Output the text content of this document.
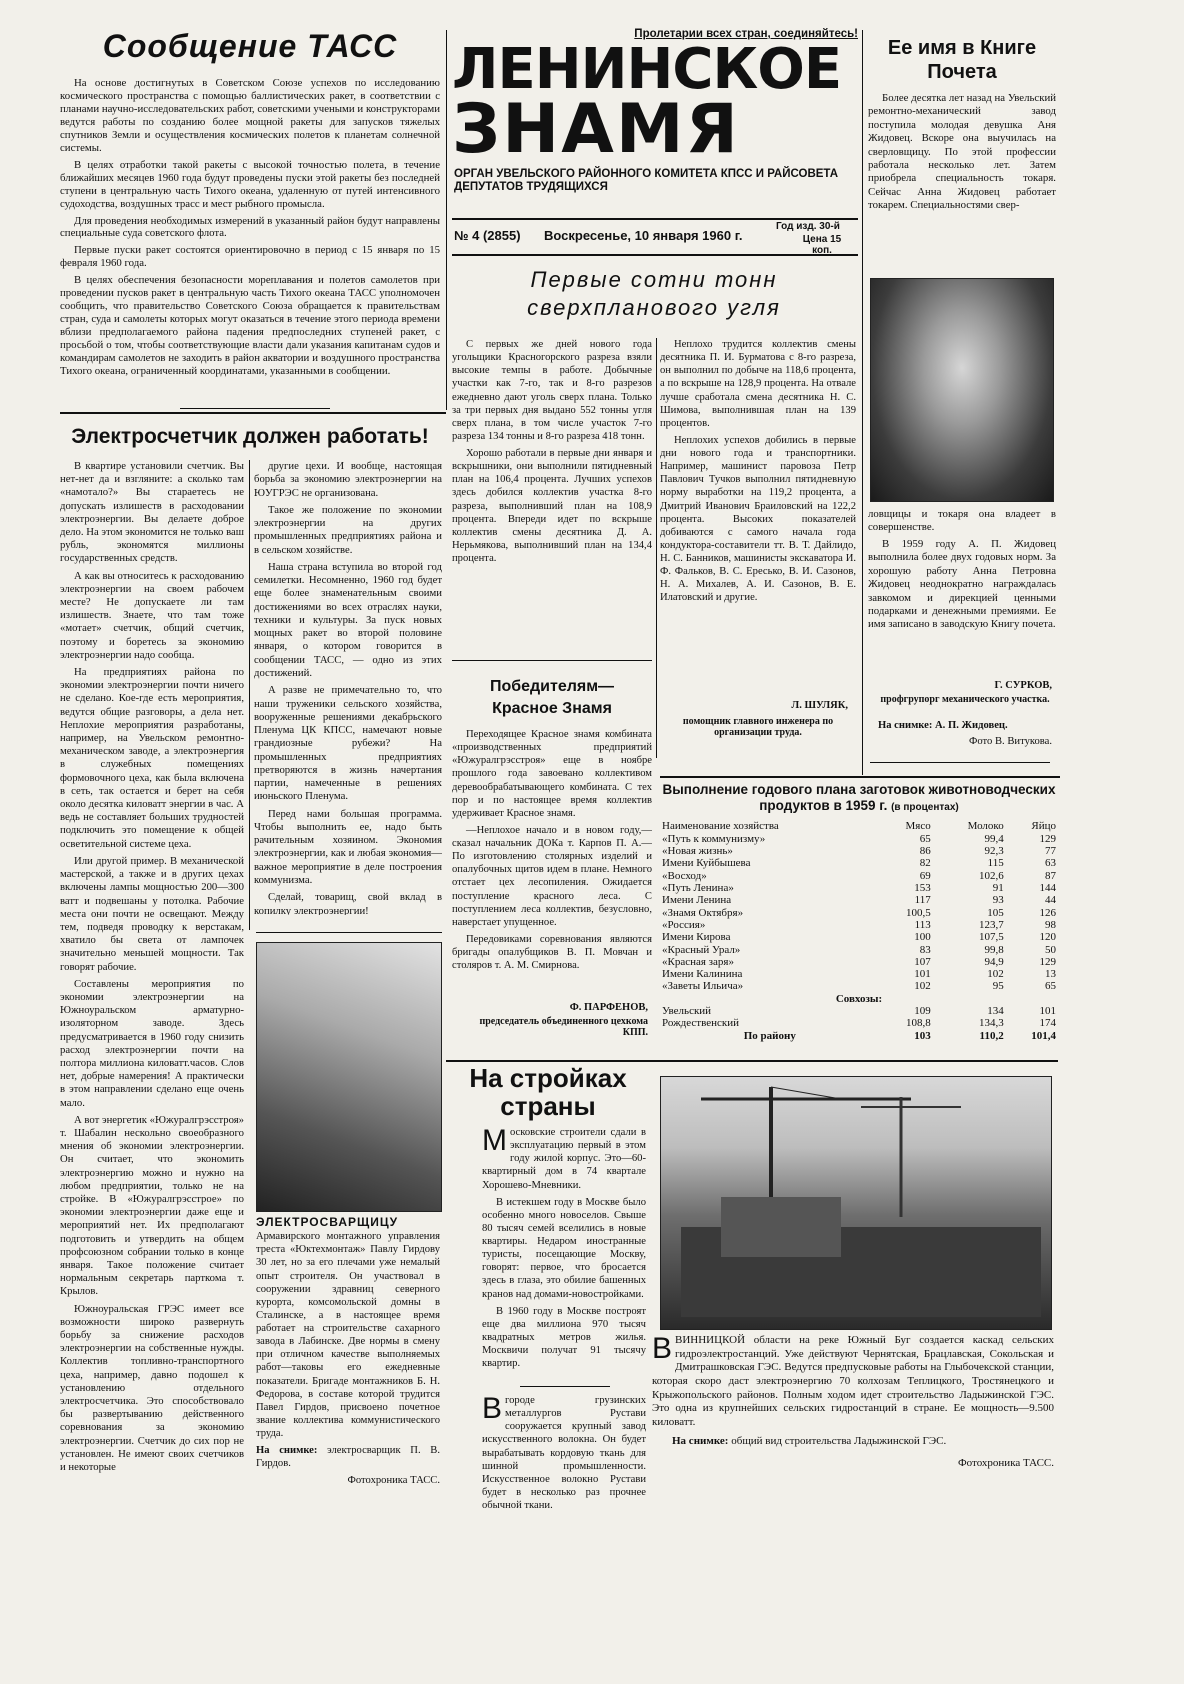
Сообщение ТАСС

На основе достигнутых в Советском Союзе успехов по исследованию космического пространства с помощью баллистических ракет, в соответствии с планами научно-исследовательских работ, советскими учеными и конструкторами ведутся работы по созданию более мощной ракеты для запусков тяжелых спутников Земли и осуществления космических полетов к планетам солнечной системы.

В целях отработки такой ракеты с высокой точностью полета, в течение ближайших месяцев 1960 года будут проведены пуски этой ракеты без последней ступени в центральную часть Тихого океана, удаленную от путей интенсивного судоходства, воздушных трасс и мест рыбного промысла.

Для проведения необходимых измерений в указанный район будут направлены специальные суда советского флота.

Первые пуски ракет состоятся ориентировочно в период с 15 января по 15 февраля 1960 года.

В целях обеспечения безопасности мореплавания и полетов самолетов при проведении пусков ракет в центральную часть Тихого океана ТАСС уполномочен сообщить, что правительство Советского Союза обращается к правительствам стран, суда и самолеты которых могут оказаться в течение этого периода времени вблизи предполагаемого района падения предпоследних ступеней ракет, с просьбой о том, чтобы соответствующие власти дали указания капитанам судов и командирам самолетов не заходить в район акватории и воздушного пространства Тихого океана, ограниченный координатами, указанными в сообщении.

Пролетарии всех стран, соединяйтесь!
ЛЕНИНСКОЕ
ЗНАМЯ
ОРГАН УВЕЛЬСКОГО РАЙОННОГО КОМИТЕТА КПСС И РАЙСОВЕТА ДЕПУТАТОВ ТРУДЯЩИХСЯ
№ 4 (2855) Воскресенье, 10 января 1960 г.
Год изд. 30-й
Цена 15 коп.
Ее имя в Книге Почета
Более десятка лет назад на Увельский ремонтно-механический завод поступила молодая девушка Аня Жидовец. Вскоре она выучилась на сверловщицу. По этой профессии работала несколько лет. Затем приобрела специальность токаря. Сейчас Анна Жидовец работает токарем. Специальностями свер-
ловщицы и токаря она владеет в совершенстве.
В 1959 году А. П. Жидовец выполнила более двух годовых норм. За хорошую работу Анна Петровна Жидовец неоднократно награждалась завкомом и дирекцией ценными подарками и денежными премиями. Ее имя записано в заводскую Книгу почета.
Г. СУРКОВ,
профгрупорг механического участка.
На снимке: А. П. Жидовец.
Фото В. Витукова.
Первые сотни тонн
сверхпланового угля

С первых же дней нового года угольщики Красногорского разреза взяли высокие темпы в работе. Добычные участки как 7-го, так и 8-го разрезов ежедневно дают уголь сверх плана. Только за три первых дня выдано 552 тонны угля сверх плана, в том числе участок 7-го разреза 134 тонны и 8-го разреза 418 тонн.

Хорошо работали в первые дни января и вскрышники, они выполнили пятидневный план на 106,4 процента. Лучших успехов здесь добился коллектив участка 8-го разреза, выполнивший план на 108,9 процента. Впереди идет по вскрыше коллектив смены десятника Д. А. Нерьмякова, выполнивший план на 134,4 процента.

Неплохо трудится коллектив смены десятника П. И. Бурматова с 8-го разреза, он выполнил по добыче на 118,6 процента, а по вскрыше на 128,9 процента. На отвале лучше сработала смена десятника Н. С. Шимова, выполнившая план на 139 процентов.

Неплохих успехов добились в первые дни нового года и транспортники. Например, машинист паровоза Петр Павлович Тучков выполнил пятидневную норму выработки на 119,2 процента, а Дмитрий Иванович Браиловский на 122,2 процента. Высоких показателей добиваются с самого начала года кондуктора-составители тт. В. Т. Дайлидо, Н. С. Банников, машинисты экскаватора И. Ф. Фальков, В. С. Ересько, В. И. Сазонов, Н. А. Михалев, А. И. Сазонов, В. Е. Илатовский и другие.

Л. ШУЛЯК,
помощник главного инженера по организации труда.
Электросчетчик должен работать!

В квартире установили счетчик. Вы нет-нет да и взгляните: а сколько там «намотало?» Вы стараетесь не допускать излишеств в расходовании электроэнергии. Вы делаете доброе дело. На этом экономится не только ваш рубль, экономятся миллионы государственных средств.

А как вы относитесь к расходованию электроэнергии на своем рабочем месте? Не допускаете ли там излишеств. Знаете, что там тоже «мотает» счетчик, общий счетчик, поэтому и боретесь за экономию электроэнергии надо сообща.

На предприятиях района по экономии электроэнергии почти ничего не сделано. Кое-где есть мероприятия, ведутся общие разговоры, а дела нет. Неплохие мероприятия разработаны, например, на Увельском ремонтно-механическом заводе, а электроэнергия в служебных помещениях формовочного цеха, как была включена в сеть, так остается и берет на себя около десятка киловатт энергии в час. А ведь не составляет больших трудностей подключить это помещение к общей осветительной системе цеха.

Или другой пример. В механической мастерской, а также и в других цехах включены лампы мощностью 200—300 ватт и подвешаны у потолка. Рабочие места они почти не освещают. Между тем, подведя проводку к верстакам, хватило бы света от лампочек значительно меньшей мощности. Так говорят рабочие.

Составлены мероприятия по экономии электроэнергии на Южноуральском арматурно-изоляторном заводе. Здесь предусматривается в 1960 году снизить расход электроэнергии почти на полтора миллиона киловатт.часов. Слов нет, добрые намерения! А практически в этом направлении сделано еще очень мало.

А вот энергетик «Южуралгрэсстроя» т. Шабалин нескольно своеобразного мнения об экономии электроэнергии. Он считает, что экономить электроэнергию можно и нужно на любом предприятии, только не на стройке. В «Южуралгрэсстрое» по экономии электроэнергии даже еще и мероприятий нет. Их предполагают подготовить и утвердить на общем профсоюзном собрании только в конце января. Такое положение считает нормальным секретарь парткома т. Крылов.

Южноуральская ГРЭС имеет все возможности широко развернуть борьбу за снижение расходов электроэнергии на собственные нужды. Коллектив топливно-транспортного цеха, например, давно подошел к установлению отдельного электросчетчика. Это способствовало бы развертыванию действенного соревнования за экономию электроэнергии. Счетчик до сих пор не установлен. Не имеют своих счетчиков и некоторые

другие цехи. И вообще, настоящая борьба за экономию электроэнергии на ЮУГРЭС не организована.

Такое же положение по экономии электроэнергии на других промышленных предприятиях района и в сельском хозяйстве.

Наша страна вступила во второй год семилетки. Несомненно, 1960 год будет еще более знаменательным своими достижениями во всех отраслях науки, техники и культуры. За пуск новых мощных ракет во второй половине января, о котором говорится в сообщении ТАСС, — одно из этих достижений.

А разве не примечательно то, что наши труженики сельского хозяйства, вооруженные решениями декабрьского Пленума ЦК КПСС, намечают новые грандиозные рубежи? На промышленных предприятиях претворяются в жизнь начертания партии, намеченные в решениях июньского Пленума.

Перед нами большая программа. Чтобы выполнить ее, надо быть рачительным хозяином. Экономия электроэнергии, как и любая экономия—важное мероприятие в деле построения коммунизма.

Сделай, товарищ, свой вклад в копилку электроэнергии!

ЭЛЕКТРОСВАРЩИЦУ Армавирского монтажного управления треста «Юктехмонтаж» Павлу Гирдову 30 лет, но за его плечами уже немалый опыт строителя. Он участвовал в сооружении здравниц северного курорта, комсомольской домны в Сталинске, а в настоящее время работает на строительстве сахарного завода в Лабинске. Две нормы в смену при отличном качестве выполняемых работ—таковы его ежедневные показатели. Бригаде монтажников Б. Н. Федорова, в составе которой трудится Павел Гирдов, присвоено почетное звание коллектива коммунистического труда.
На снимке: электросварщик П. В. Гирдов.
Фотохроника ТАСС.
Победителям— Красное Знамя

Переходящее Красное знамя комбината «производственных предприятий «Южуралгрэсстроя» еще в ноябре прошлого года завоевано коллективом деревообрабатывающего комбината. С тех пор и по настоящее время коллектив удерживает Красное знамя.

—Неплохое начало и в новом году,—сказал начальник ДОКа т. Карпов П. А.— По изготовлению столярных изделий и опалубочных щитов идем в плане. Немного отстает цех лесопиления. Ожидается поступление красного леса. С поступлением леса коллектив, безусловно, наверстает упущенное.

Передовиками соревнования являются бригады опалубщиков В. П. Мовчан и столяров т. А. М. Смирнова.

Ф. ПАРФЕНОВ,
председатель объединенного цехкома КПП.
Выполнение годового плана заготовок животноводческих продуктов в 1959 г. (в процентах)
Наименование хозяйства	Мясо	Молоко	Яйцо
«Путь к коммунизму»	65	99,4	129
«Новая жизнь»	86	92,3	77
Имени Куйбышева	82	115	63
«Восход»	69	102,6	87
«Путь Ленина»	153	91	144
Имени Ленина	117	93	44
«Знамя Октября»	100,5	105	126
«Россия»	113	123,7	98
Имени Кирова	100	107,5	120
«Красный Урал»	83	99,8	50
«Красная заря»	107	94,9	129
Имени Калинина	101	102	13
«Заветы Ильича»	102	95	65
Совхозы:			
Увельский	109	134	101
Рождественский	108,8	134,3	174
По району	103	110,2	101,4
На стройках
страны

Московские строители сдали в эксплуатацию первый в этом году жилой корпус. Это—60-квартирный дом в 74 квартале Хорошево-Мневники.

В истекшем году в Москве было особенно много новоселов. Свыше 80 тысяч семей вселились в новые квартиры. Недаром иностранные туристы, посещающие Москву, говорят: первое, что бросается здесь в глаза, это обилие башенных кранов над домами-новостройками.

В 1960 году в Москве построят еще два миллиона 970 тысяч квадратных метров жилья. Москвичи получат 91 тысячу квартир.

Вгороде грузинских металлургов Рустави сооружается крупный завод искусственного волокна. Он будет вырабатывать кордовую ткань для шинной промышленности. Искусственное волокно Рустави будет в несколько раз прочнее обычной ткани.

ВВИННИЦКОЙ области на реке Южный Буг создается каскад сельских гидроэлектростанций. Уже действуют Чернятская, Брацлавская, Сокольская и Дмитрашковская ГЭС. Ведутся предпусковые работы на Глыбочекской станции, которая скоро даст электроэнергию 70 колхозам Теплицкого, Тростянецкого и Крыжопольского районов. Полным ходом идет строительство Ладыжинской ГЭС. Это одна из крупнейших сельских гидростанций в стране. Ее мощность—9.500 киловатт.

На снимке: общий вид строительства Ладыжинской ГЭС.
Фотохроника ТАСС.
